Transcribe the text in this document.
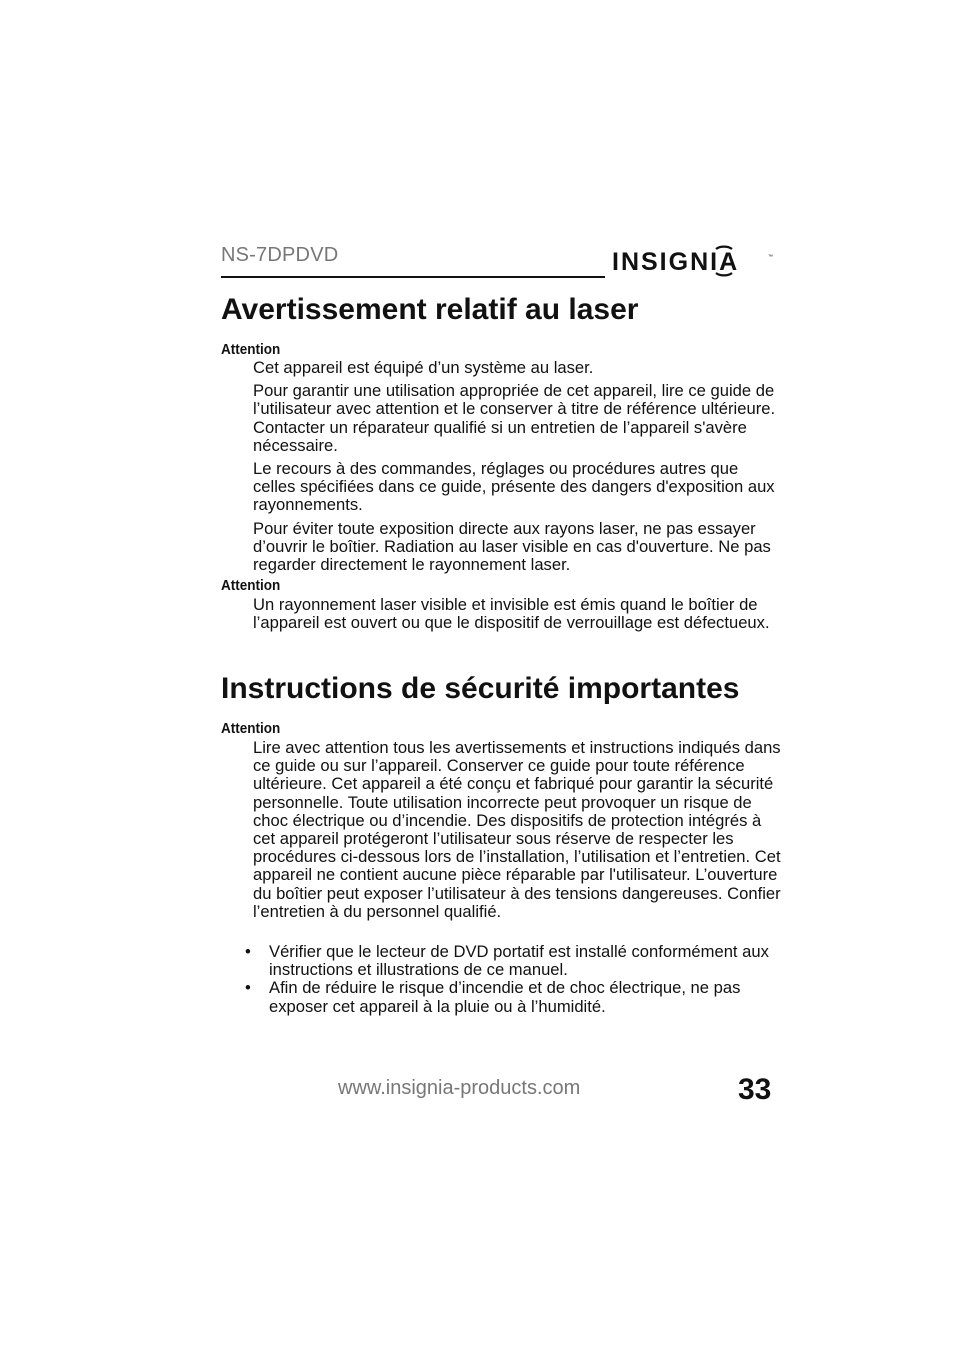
NS-7DPDVD	INSIGNIA	™
Avertissement relatif au laser
Attention

Cet appareil est équipé d’un système au laser.

Pour garantir une utilisation appropriée de cet appareil, lire ce guide de l’utilisateur avec attention et le conserver à titre de référence ultérieure. Contacter un réparateur qualifié si un entretien de l’appareil s'avère nécessaire.

Le recours à des commandes, réglages ou procédures autres que celles spécifiées dans ce guide, présente des dangers d'exposition aux rayonnements.

Pour éviter toute exposition directe aux rayons laser, ne pas essayer d’ouvrir le boîtier. Radiation au laser visible en cas d'ouverture. Ne pas regarder directement le rayonnement laser.

Attention

Un rayonnement laser visible et invisible est émis quand le boîtier de l’appareil est ouvert ou que le dispositif de verrouillage est défectueux.

Instructions de sécurité importantes
Attention

Lire avec attention tous les avertissements et instructions indiqués dans ce guide ou sur l’appareil. Conserver ce guide pour toute référence ultérieure. Cet appareil a été conçu et fabriqué pour garantir la sécurité personnelle. Toute utilisation incorrecte peut provoquer un risque de choc électrique ou d’incendie. Des dispositifs de protection intégrés à cet appareil protégeront l’utilisateur sous réserve de respecter les procédures ci-dessous lors de l’installation, l’utilisation et l’entretien. Cet appareil ne contient aucune pièce réparable par l'utilisateur. L’ouverture du boîtier peut exposer l’utilisateur à des tensions dangereuses. Confier l’entretien à du personnel qualifié.

• Vérifier que le lecteur de DVD portatif est installé conformément aux instructions et illustrations de ce manuel.
• Afin de réduire le risque d’incendie et de choc électrique, ne pas exposer cet appareil à la pluie ou à l’humidité.
www.insignia-products.com	33
